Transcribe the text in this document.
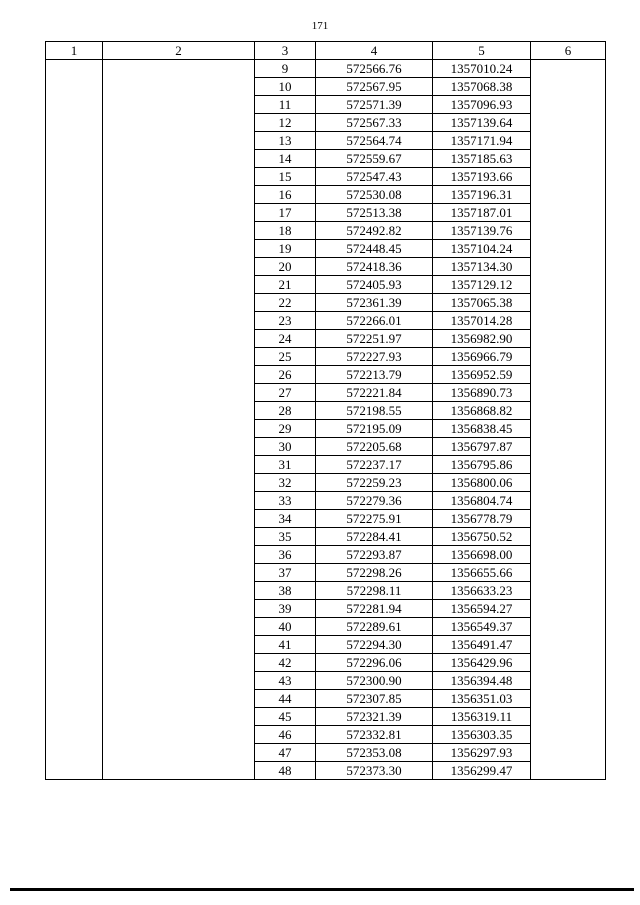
171
1	2	3	4	5	6
		9	572566.76	1357010.24	
		10	572567.95	1357068.38	
		11	572571.39	1357096.93	
		12	572567.33	1357139.64	
		13	572564.74	1357171.94	
		14	572559.67	1357185.63	
		15	572547.43	1357193.66	
		16	572530.08	1357196.31	
		17	572513.38	1357187.01	
		18	572492.82	1357139.76	
		19	572448.45	1357104.24	
		20	572418.36	1357134.30	
		21	572405.93	1357129.12	
		22	572361.39	1357065.38	
		23	572266.01	1357014.28	
		24	572251.97	1356982.90	
		25	572227.93	1356966.79	
		26	572213.79	1356952.59	
		27	572221.84	1356890.73	
		28	572198.55	1356868.82	
		29	572195.09	1356838.45	
		30	572205.68	1356797.87	
		31	572237.17	1356795.86	
		32	572259.23	1356800.06	
		33	572279.36	1356804.74	
		34	572275.91	1356778.79	
		35	572284.41	1356750.52	
		36	572293.87	1356698.00	
		37	572298.26	1356655.66	
		38	572298.11	1356633.23	
		39	572281.94	1356594.27	
		40	572289.61	1356549.37	
		41	572294.30	1356491.47	
		42	572296.06	1356429.96	
		43	572300.90	1356394.48	
		44	572307.85	1356351.03	
		45	572321.39	1356319.11	
		46	572332.81	1356303.35	
		47	572353.08	1356297.93	
		48	572373.30	1356299.47	
